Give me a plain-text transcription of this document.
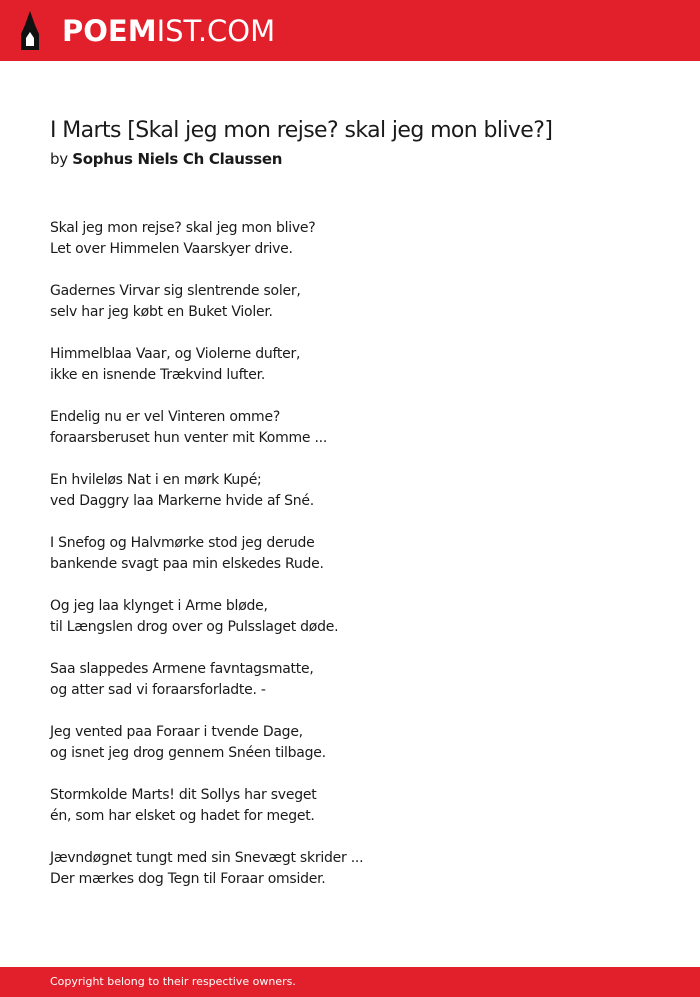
POEMIST.COM
I Marts [Skal jeg mon rejse? skal jeg mon blive?]
by Sophus Niels Ch Claussen
Skal jeg mon rejse? skal jeg mon blive?
Let over Himmelen Vaarskyer drive.
Gadernes Virvar sig slentrende soler,
selv har jeg købt en Buket Violer.
Himmelblaa Vaar, og Violerne dufter,
ikke en isnende Trækvind lufter.
Endelig nu er vel Vinteren omme?
foraarsberuset hun venter mit Komme ...
En hvileløs Nat i en mørk Kupé;
ved Daggry laa Markerne hvide af Sné.
I Snefog og Halvmørke stod jeg derude
bankende svagt paa min elskedes Rude.
Og jeg laa klynget i Arme bløde,
til Længslen drog over og Pulsslaget døde.
Saa slappedes Armene favntagsmatte,
og atter sad vi foraarsforladte. -
Jeg vented paa Foraar i tvende Dage,
og isnet jeg drog gennem Snéen tilbage.
Stormkolde Marts! dit Sollys har sveget
én, som har elsket og hadet for meget.
Jævndøgnet tungt med sin Snevægt skrider ...
Der mærkes dog Tegn til Foraar omsider.
Copyright belong to their respective owners.
